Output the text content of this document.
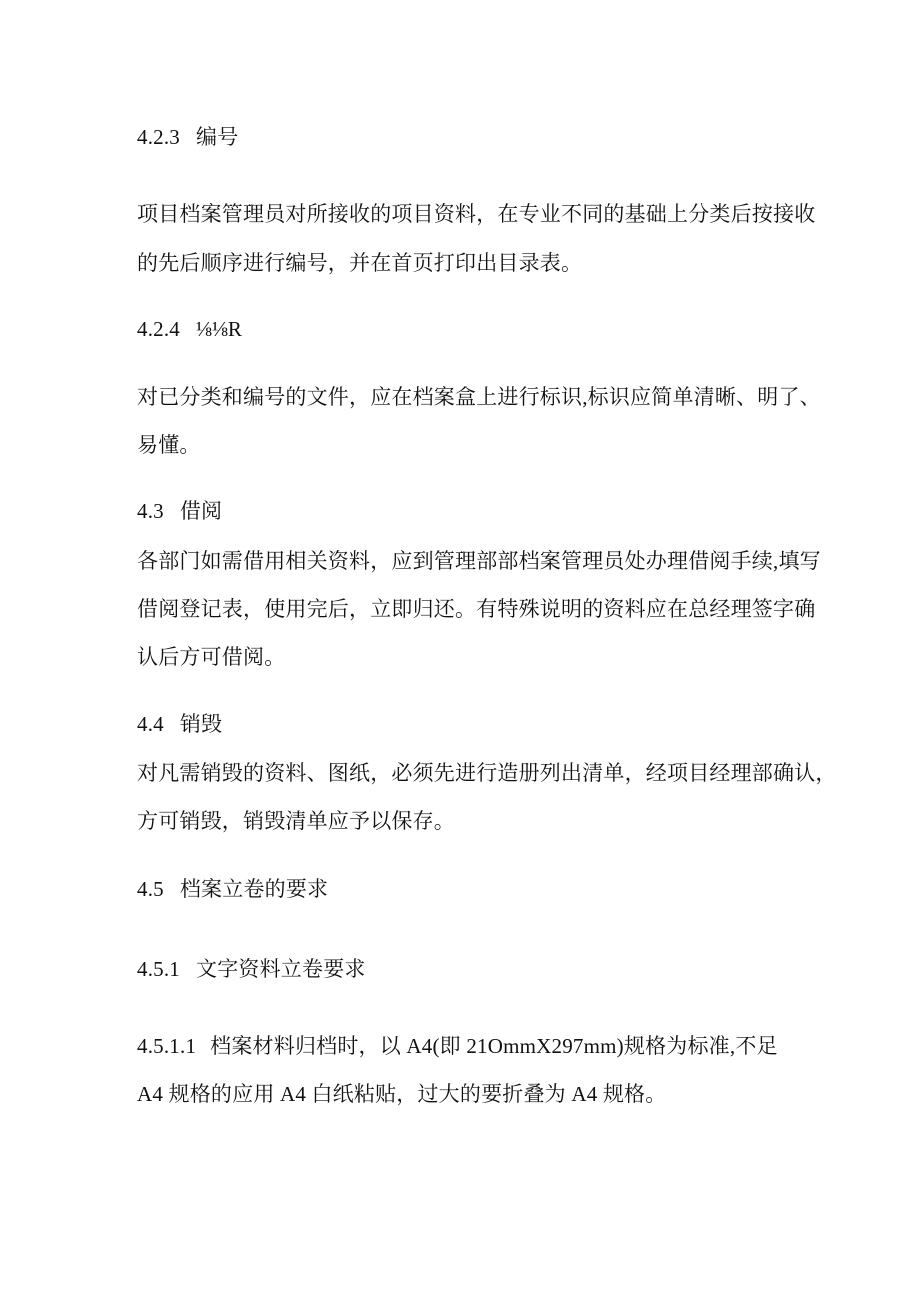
4.2.3 编号
项目档案管理员对所接收的项目资料，在专业不同的基础上分类后按接收
的先后顺序进行编号，并在首页打印出目录表。
4.2.4 ⅛⅛R
对已分类和编号的文件，应在档案盒上进行标识,标识应简单清晰、明了、
易懂。
4.3 借阅
各部门如需借用相关资料，应到管理部部档案管理员处办理借阅手续,填写
借阅登记表，使用完后，立即归还。有特殊说明的资料应在总经理签字确
认后方可借阅。
4.4 销毁
对凡需销毁的资料、图纸，必须先进行造册列出清单，经项目经理部确认，
方可销毁，销毁清单应予以保存。
4.5 档案立卷的要求
4.5.1 文字资料立卷要求
4.5.1.1 档案材料归档时，以 A4(即 21OmmX297mm)规格为标准,不足
A4 规格的应用 A4 白纸粘贴，过大的要折叠为 A4 规格。
